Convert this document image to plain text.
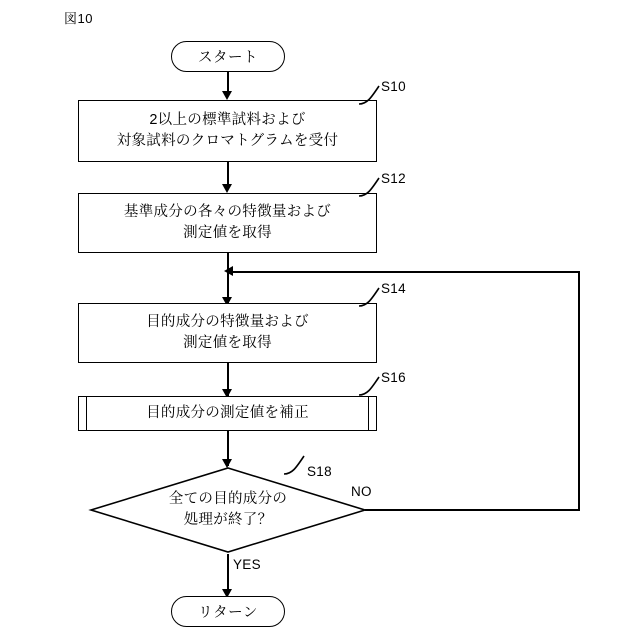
図10
スタート
2以上の標準試料および
対象試料のクロマトグラムを受付
S10
基準成分の各々の特徴量および
測定値を取得
S12
目的成分の特徴量および
測定値を取得
S14
目的成分の測定値を補正
S16
全ての目的成分の
処理が終了？
S18
NO
YES
リターン
